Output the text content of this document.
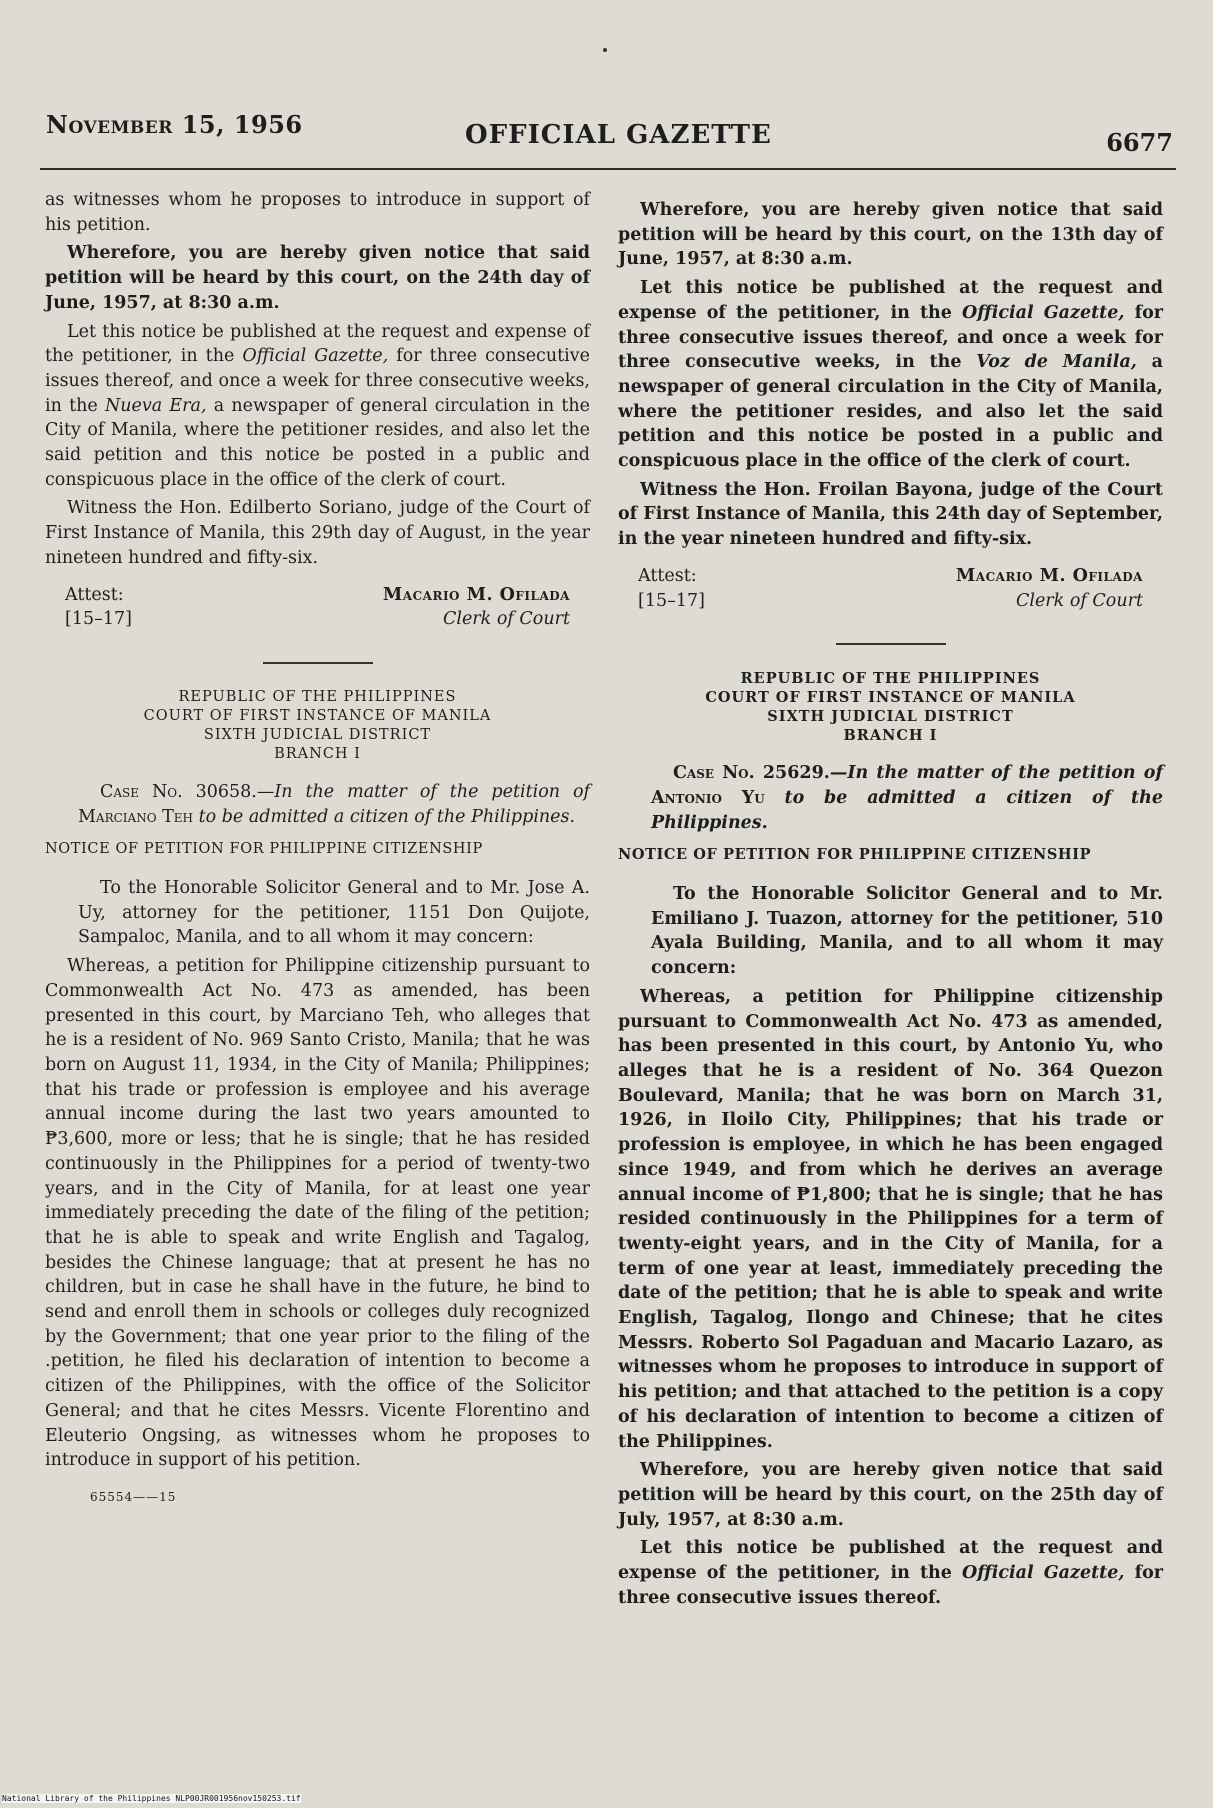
November 15, 1956	OFFICIAL GAZETTE	6677

as witnesses whom he proposes to introduce in support of his petition.

Wherefore, you are hereby given notice that said petition will be heard by this court, on the 24th day of June, 1957, at 8:30 a.m.

Let this notice be published at the request and expense of the petitioner, in the Official Gazette, for three consecutive issues thereof, and once a week for three consecutive weeks, in the Nueva Era, a newspaper of general circulation in the City of Manila, where the petitioner resides, and also let the said petition and this notice be posted in a public and conspicuous place in the office of the clerk of court.

Witness the Hon. Edilberto Soriano, judge of the Court of First Instance of Manila, this 29th day of August, in the year nineteen hundred and fifty-six.

Attest:
[15–17]
Macario M. Ofilada
Clerk of Court
REPUBLIC OF THE PHILIPPINES
COURT OF FIRST INSTANCE OF MANILA
SIXTH JUDICIAL DISTRICT
BRANCH I

Case No. 30658.—In the matter of the petition of Marciano Teh to be admitted a citizen of the Philippines.

NOTICE OF PETITION FOR PHILIPPINE CITIZENSHIP

To the Honorable Solicitor General and to Mr. Jose A. Uy, attorney for the petitioner, 1151 Don Quijote, Sampaloc, Manila, and to all whom it may concern:

Whereas, a petition for Philippine citizenship pursuant to Commonwealth Act No. 473 as amended, has been presented in this court, by Marciano Teh, who alleges that he is a resident of No. 969 Santo Cristo, Manila; that he was born on August 11, 1934, in the City of Manila; Philippines; that his trade or profession is employee and his average annual income during the last two years amounted to ₱3,600, more or less; that he is single; that he has resided continuously in the Philippines for a period of twenty-two years, and in the City of Manila, for at least one year immediately preceding the date of the filing of the petition; that he is able to speak and write English and Tagalog, besides the Chinese language; that at present he has no children, but in case he shall have in the future, he bind to send and enroll them in schools or colleges duly recognized by the Government; that one year prior to the filing of the .petition, he filed his declaration of intention to become a citizen of the Philippines, with the office of the Solicitor General; and that he cites Messrs. Vicente Florentino and Eleuterio Ongsing, as witnesses whom he proposes to introduce in support of his petition.

65554——15

Wherefore, you are hereby given notice that said petition will be heard by this court, on the 13th day of June, 1957, at 8:30 a.m.

Let this notice be published at the request and expense of the petitioner, in the Official Gazette, for three consecutive issues thereof, and once a week for three consecutive weeks, in the Voz de Manila, a newspaper of general circulation in the City of Manila, where the petitioner resides, and also let the said petition and this notice be posted in a public and conspicuous place in the office of the clerk of court.

Witness the Hon. Froilan Bayona, judge of the Court of First Instance of Manila, this 24th day of September, in the year nineteen hundred and fifty-six.

Attest:
[15–17]
Macario M. Ofilada
Clerk of Court
REPUBLIC OF THE PHILIPPINES
COURT OF FIRST INSTANCE OF MANILA
SIXTH JUDICIAL DISTRICT
BRANCH I

Case No. 25629.—In the matter of the petition of Antonio Yu to be admitted a citizen of the Philippines.

NOTICE OF PETITION FOR PHILIPPINE CITIZENSHIP

To the Honorable Solicitor General and to Mr. Emiliano J. Tuazon, attorney for the petitioner, 510 Ayala Building, Manila, and to all whom it may concern:

Whereas, a petition for Philippine citizenship pursuant to Commonwealth Act No. 473 as amended, has been presented in this court, by Antonio Yu, who alleges that he is a resident of No. 364 Quezon Boulevard, Manila; that he was born on March 31, 1926, in Iloilo City, Philippines; that his trade or profession is employee, in which he has been engaged since 1949, and from which he derives an average annual income of ₱1,800; that he is single; that he has resided continuously in the Philippines for a term of twenty-eight years, and in the City of Manila, for a term of one year at least, immediately preceding the date of the petition; that he is able to speak and write English, Tagalog, Ilongo and Chinese; that he cites Messrs. Roberto Sol Pagaduan and Macario Lazaro, as witnesses whom he proposes to introduce in support of his petition; and that attached to the petition is a copy of his declaration of intention to become a citizen of the Philippines.

Wherefore, you are hereby given notice that said petition will be heard by this court, on the 25th day of July, 1957, at 8:30 a.m.

Let this notice be published at the request and expense of the petitioner, in the Official Gazette, for three consecutive issues thereof.

National Library of the Philippines NLP00JR001956nov150253.tif
